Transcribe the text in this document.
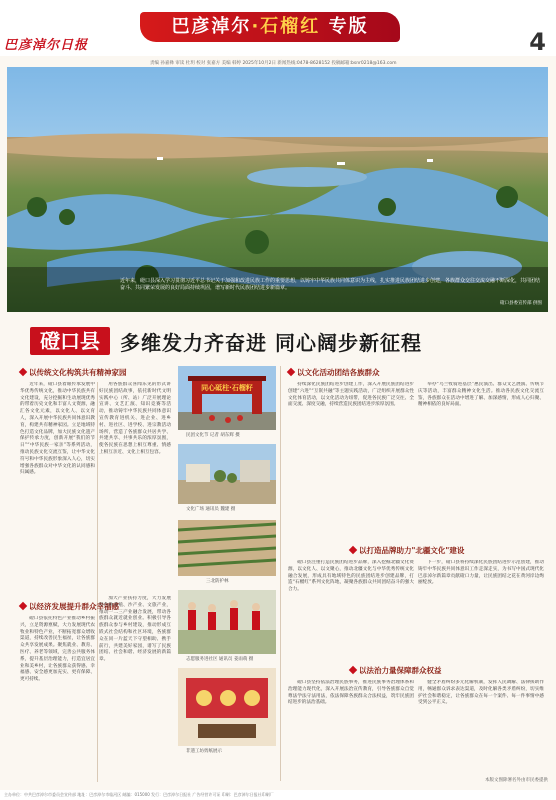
巴彦淖尔日报
巴彦淖尔·石榴红 专版
4
责编 孙嘉彝 审读 杜玥 校对 张嘉方 美编 韩婷 2025年10月2日 新闻热线:0478-8628152 投稿邮箱:bsnr0218@163.com
近年来，磴口县深入学习贯彻习近平总书记关于加强和改进民族工作的重要思想，以铸牢中华民族共同体意识为主线，扎实推进民族团结进步创建，各族群众交往交流交融不断深化，共同团结奋斗、共同繁荣发展的良好局面持续巩固，谱写新时代民族团结进步新篇章。
磴口县委宣传部 供图
磴口县	多维发力齐奋进 同心阔步新征程
以传统文化构筑共有精神家园

近年来，磴口县着眼传承发展中华优秀传统文化，推动中华民族共有文化建设，充分挖掘和生动展现优秀的带着历史文化和丰富人文资源，融汇各文化元素，以文化人、以文育人，深入开展中华民族共同体意识教育，构建共有精神家园。立足地域特色打造文化品牌，加大民族文化遗产保护传承力度，创新开展“我们的节日”“中华民族一家亲”等系列活动，推动民族文化交流互鉴，让中华文化符号和中华民族形象深入人心，切实增强各族群众对中华文化的认同感和归属感。

用各族群众喜闻乐见的形式讲好民族团结故事，依托新时代文明实践中心（所、站）广泛开展理论宣讲、文艺汇演、知识竞赛等活动，推动铸牢中华民族共同体意识宣传教育进机关、进企业、进乡村、进社区、进学校、进宗教活动场所，营造了各族群众共居共学、共建共享、共事共乐的浓厚氛围，使各民族在思想上相互尊重、情感上相互亲近、文化上相互包容。

以经济发展提升群众幸福感

磴口县依托特色产业推动乡村振兴，立足资源禀赋，大力发展现代农牧业和特色产业，不断拓宽群众增收渠道，持续改善民生福祉，让各族群众共享发展成果。聚焦就业、教育、医疗、养老等领域，完善公共服务体系，提升基层治理能力，打造宜居宜业和美乡村，让各族群众获得感、幸福感、安全感更加充实、更有保障、更可持续。

加大产业扶持力度，大力发展特色种养殖、沙产业、文旅产业，推动一二三产业融合发展，带动各族群众就近就业创业。积极引导各族群众参与乡村建设，推动形成互嵌式社会结构和社区环境，各族群众在同一片蓝天下守望相助、携手前行，共建美好家园，谱写了民族团结、社会和谐、经济发展的新篇章。

同心砥柱·石榴籽
民团文化节 记者 胡东辉 摄
文化广场 通讯员 魏建 摄
三北防护林
志愿服务进社区 通讯员 姜雨萌 摄
非遗工坊剪纸展示
以文化活动团结各族群众

持续深化民族团结进步创建工作，深入开展民族团结进步创建“六进”“互嵌共融”等主题实践活动，广泛组织开展群众性文化体育活动，以文化活动为纽带，促进各民族广泛交往、全面交流、深度交融，持续营造民族团结进步浓厚氛围。

举办“乌兰牧骑进基层”惠民演出、群众文艺展演、传统节庆等活动，丰富群众精神文化生活。推动各民族文化交流互鉴，各族群众在活动中增进了解、加深感情，形成人心归聚、精神相依的良好局面。

以打造品牌助力"北疆文化"建设

磴口县注重打造民族团结进步品牌，深入挖掘北疆文化资源，以文化人、以文聚心，推动北疆文化与中华优秀传统文化融合发展，形成具有地域特色的民族团结进步创建品牌，打造“石榴红”系列文化阵地，凝聚各族群众共同团结奋斗的强大合力。

下一步，磴口县将持续深化民族团结进步示范创建，推动铸牢中华民族共同体意识工作走深走实，为书写中国式现代化巴彦淖尔新篇章贡献磴口力量，让民族团结之花在黄河岸边绚丽绽放。

以法治力量保障群众权益

磴口县坚持依法治理民族事务，推进民族事务治理体系和治理能力现代化，深入开展法治宣传教育，引导各族群众自觉尊法学法守法用法，依法保障各族群众合法权益，筑牢民族团结进步的法治基础。

健全矛盾纠纷多元化解机制，发挥人民调解、法律援助作用，畅通群众诉求表达渠道，及时化解各类矛盾纠纷，切实维护社会和谐稳定，让各族群众在每一个案件、每一件事情中感受到公平正义。

本版文图除署名外由市民委提供
主办单位：中共巴彦淖尔市委员会宣传部 地址：巴彦淖尔市临河区 邮编：015000 发行：巴彦淖尔日报社 广告经营许可证 印刷：巴彦淖尔日报社印刷厂
